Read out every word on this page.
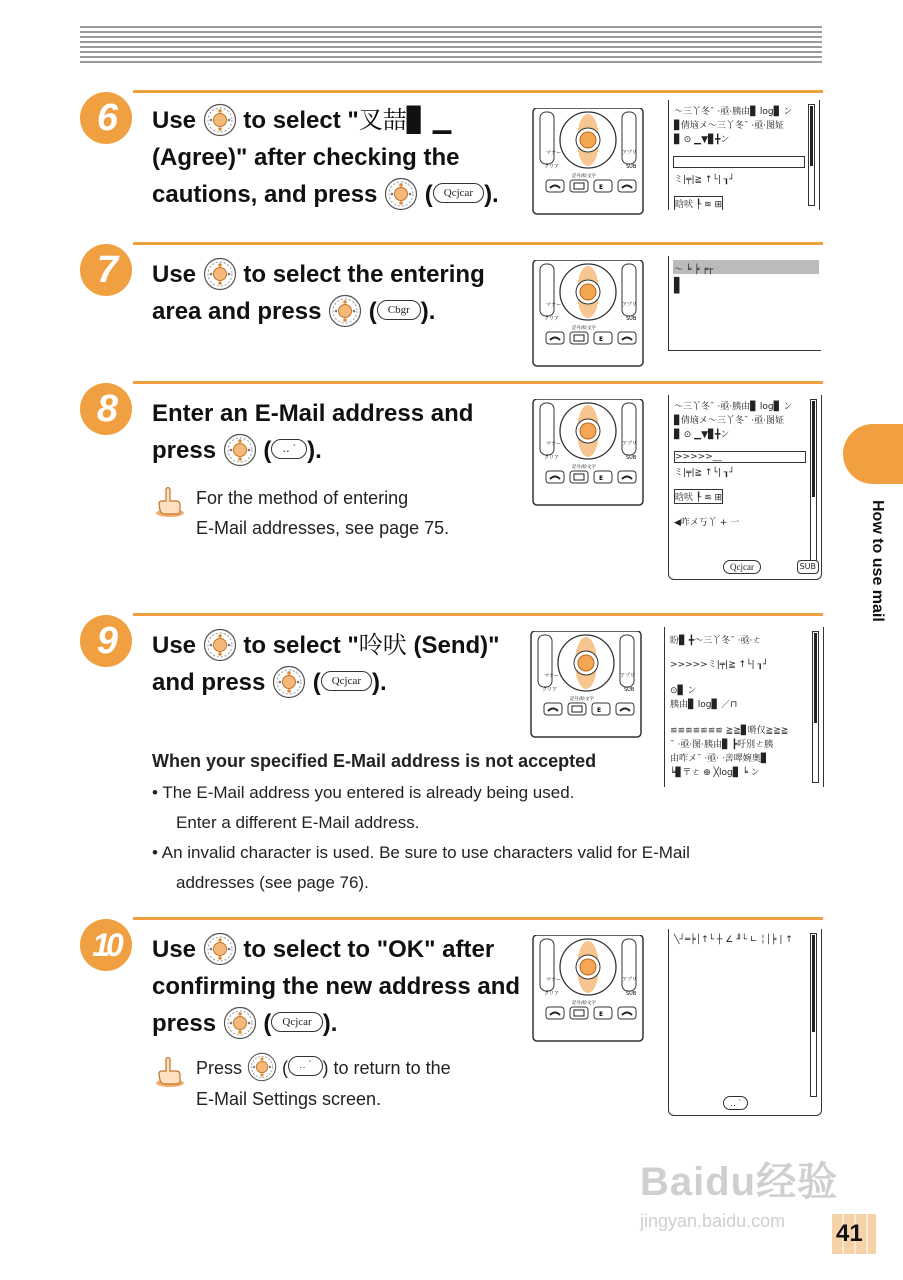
How to use mail
6	Use  to select "叉喆▊ ▁
(Agree)" after checking the
cautions, and press  ( Qcjcar ).
マナー	アプリ
クリア	SUB
記号/絵文字
E
～三丫冬¯ ·亟·胰由▊ log▊ ン
▊倩垴メ～三丫冬¯ ·亟·图姃
▊ ⊙ ▁▼▊╋ン
ミ|╤|≧ ↑└| ┒┘
晗吠 ┞ ≋ ⊞
7	Use  to select the entering
area and press  ( Cbgr ).	マナー	アプリ
クリア	SUB
記号/絵文字
E
～ ╘ ╞ ╒┬
▌
8	Enter an E-Mail address and
press  ( ‥ ˋ ).
For the method of entering
E-Mail addresses, see page 75.
マナー	アプリ
クリア	SUB
記号/絵文字
E
～三丫冬¯ ·亟·胰由▊ log▊ ン
▊倩垴メ～三丫冬¯ ·亟·图姃
▊ ⊙ ▁▼▊╋ン
>>>>>__
ミ|╤|≧ ↑└| ┒┘
晗吠 ┞ ≋ ⊞
◀咋メ丂丫 + 一
Qcjcar	SUB
9	Use  to select "呤吠 (Send)"
and press  ( Qcjcar ).	マナー	アプリ
クリア	SUB
記号/絵文字
E
盼▊ ╋～三丫冬¯ ·亟·ㄜ
>>>>>ミ|╤|≧ ↑└| ┒┘
⊙▊ ン
胰由▊ log▊ ／⊓
≌≌≌≌≌≌≌ ≧≧▊嗗仅≧≧≧
¯ ·亟·图·胰由▊ ┣吁別ㄜ胰
由咋メ¯ ·亟· ·㖖噿婉奥▊
╘▊〒ㄜ ⊕ ╳log▊ ╘ ン
When your specified E-Mail address is not accepted
• The E-Mail address you entered is already being used.
Enter a different E-Mail address.
• An invalid character is used. Be sure to use characters valid for E-Mail
addresses (see page 76).
10	Use  to select to "OK" after
confirming the new address and
press  ( Qcjcar ).
Press  ( ‥ ˋ ) to return to the
E-Mail Settings screen.
マナー	アプリ
クリア	SUB
記号/絵文字
E
╲┘═╞│↑└ ┼ ∠ ╜└ ∟ ╎│╞ | ↑
‥ ˋ
Baidu经验
jingyan.baidu.com	41
